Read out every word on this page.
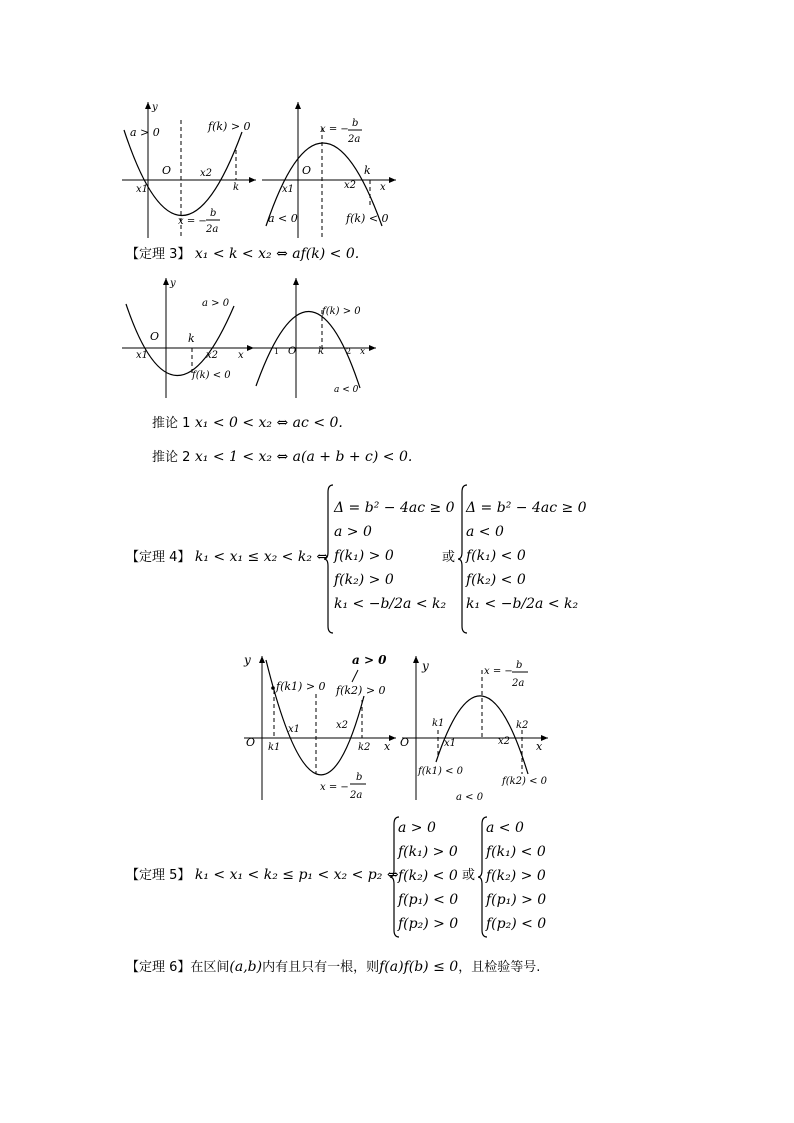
a > 0	f(k) > 0
y
O
x1
x2
k
x = −
b
2a
x = −
b
2a
O
x1	x2
k
x
a < 0	f(k) < 0
【定理 3】 x₁ < k < x₂ ⇔ af(k) < 0.
y
a > 0
O	k
x1	x2 x
f(k) < 0
f(k) > 0
O k
1	2 x
a < 0
推论 1 x₁ < 0 < x₂ ⇔ ac < 0.
推论 2 x₁ < 1 < x₂ ⇔ a(a + b + c) < 0.
【定理 4】 k₁ < x₁ ≤ x₂ < k₂ ⇔
Δ = b² − 4ac ≥ 0
a > 0
f(k₁) > 0
f(k₂) > 0
k₁ < −b/2a < k₂
或
Δ = b² − 4ac ≥ 0
a < 0
f(k₁) < 0
f(k₂) < 0
k₁ < −b/2a < k₂
y	a > 0
f(k1) > 0 f(k2) > 0
x1	x2
O k1	k2 x
x = −
b
2a
y	x = −
b
2a
k1	k2
x1	x2
O	x
f(k1) < 0
f(k2) < 0
a < 0
【定理 5】 k₁ < x₁ < k₂ ≤ p₁ < x₂ < p₂ ⇔
a > 0
f(k₁) > 0
f(k₂) < 0
f(p₁) < 0
f(p₂) > 0
或
a < 0
f(k₁) < 0
f(k₂) > 0
f(p₁) > 0
f(p₂) < 0
【定理 6】在区间(a,b)内有且只有一根，则f(a)f(b) ≤ 0，且检验等号.
